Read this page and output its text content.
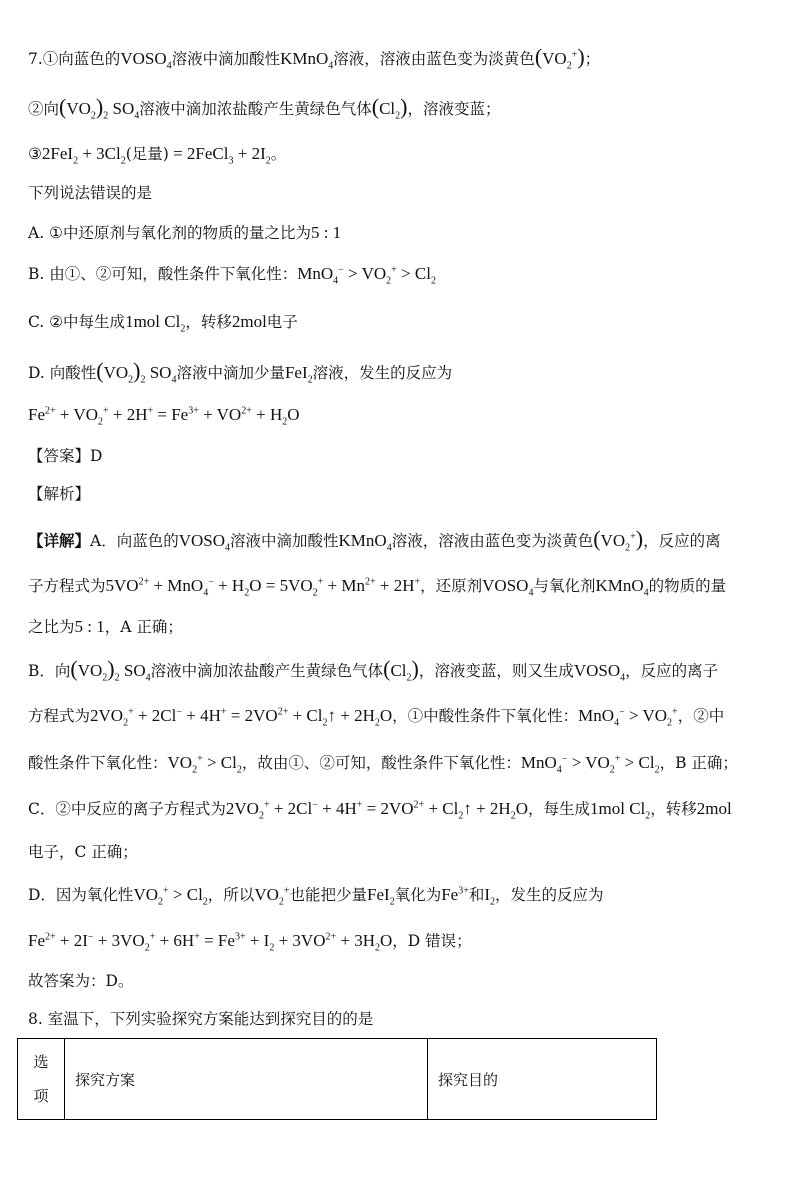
7.①向蓝色的$VOSO_4$溶液中滴加酸性KMnO$_4$溶液，溶液由蓝色变为淡黄色$(VO_2^+)$；
②向$(VO_2)_2$ $SO_4$溶液中滴加浓盐酸产生黄绿色气体$(Cl_2)$，溶液变蓝；
③2FeI$_2$ + $3Cl_2$(足量) = 2FeCl$_3$ + $2I_2$。
下列说法错误的是
A. ①中还原剂与氧化剂的物质的量之比为5 : 1
B. 由①、②可知，酸性条件下氧化性：$MnO_4^- > VO_2^+ > Cl_2$
C. ②中每生成1mol $Cl_2$，转移2mol电子
D. 向酸性$(VO_2)_2$ $SO_4$溶液中滴加少量FeI$_2$溶液，发生的反应为
$Fe^{2+} + VO_2^+ + 2H^+ = Fe^{3+} + VO^{2+} + H_2O$
【答案】D
【解析】
【详解】A．向蓝色的$VOSO_4$溶液中滴加酸性KMnO$_4$溶液，溶液由蓝色变为淡黄色$(VO_2^+)$，反应的离
子方程式为$5VO^{2+} + MnO_4^- + H_2O = 5VO_2^+ + Mn^{2+} + 2H^+$，还原剂$VOSO_4$与氧化剂KMnO$_4$的物质的量
之比为5 : 1，A 正确；
B．向$(VO_2)_2$ $SO_4$溶液中滴加浓盐酸产生黄绿色气体$(Cl_2)$，溶液变蓝，则又生成$VOSO_4$，反应的离子
方程式为$2VO_2^+ + 2Cl^- + 4H^+ = 2VO^{2+}$ + $Cl_2↑ + 2H_2O$，①中酸性条件下氧化性：$MnO_4^- > VO_2^+$，②中
酸性条件下氧化性：$VO_2^+ > Cl_2$，故由①、②可知，酸性条件下氧化性：$MnO_4^- > VO_2^+ > Cl_2$，B 正确；
C．②中反应的离子方程式为$2VO_2^+ + 2Cl^- + 4H^+ = 2VO^{2+}$ + $Cl_2↑ + 2H_2O$，每生成1mol $Cl_2$，转移2mol
电子，C 正确；
D．因为氧化性$VO_2^+ > Cl_2$，所以$VO_2^+$也能把少量FeI$_2$氧化为$Fe^{3+}$和$I_2$，发生的反应为
$Fe^{2+} + 2I^- + 3VO_2^+ + 6H^+ = Fe^{3+} + I_2 + 3VO^{2+} + 3H_2O$，D 错误；
故答案为：D。
8. 室温下，下列实验探究方案能达到探究目的的是
选
项
	探究方案	探究目的
